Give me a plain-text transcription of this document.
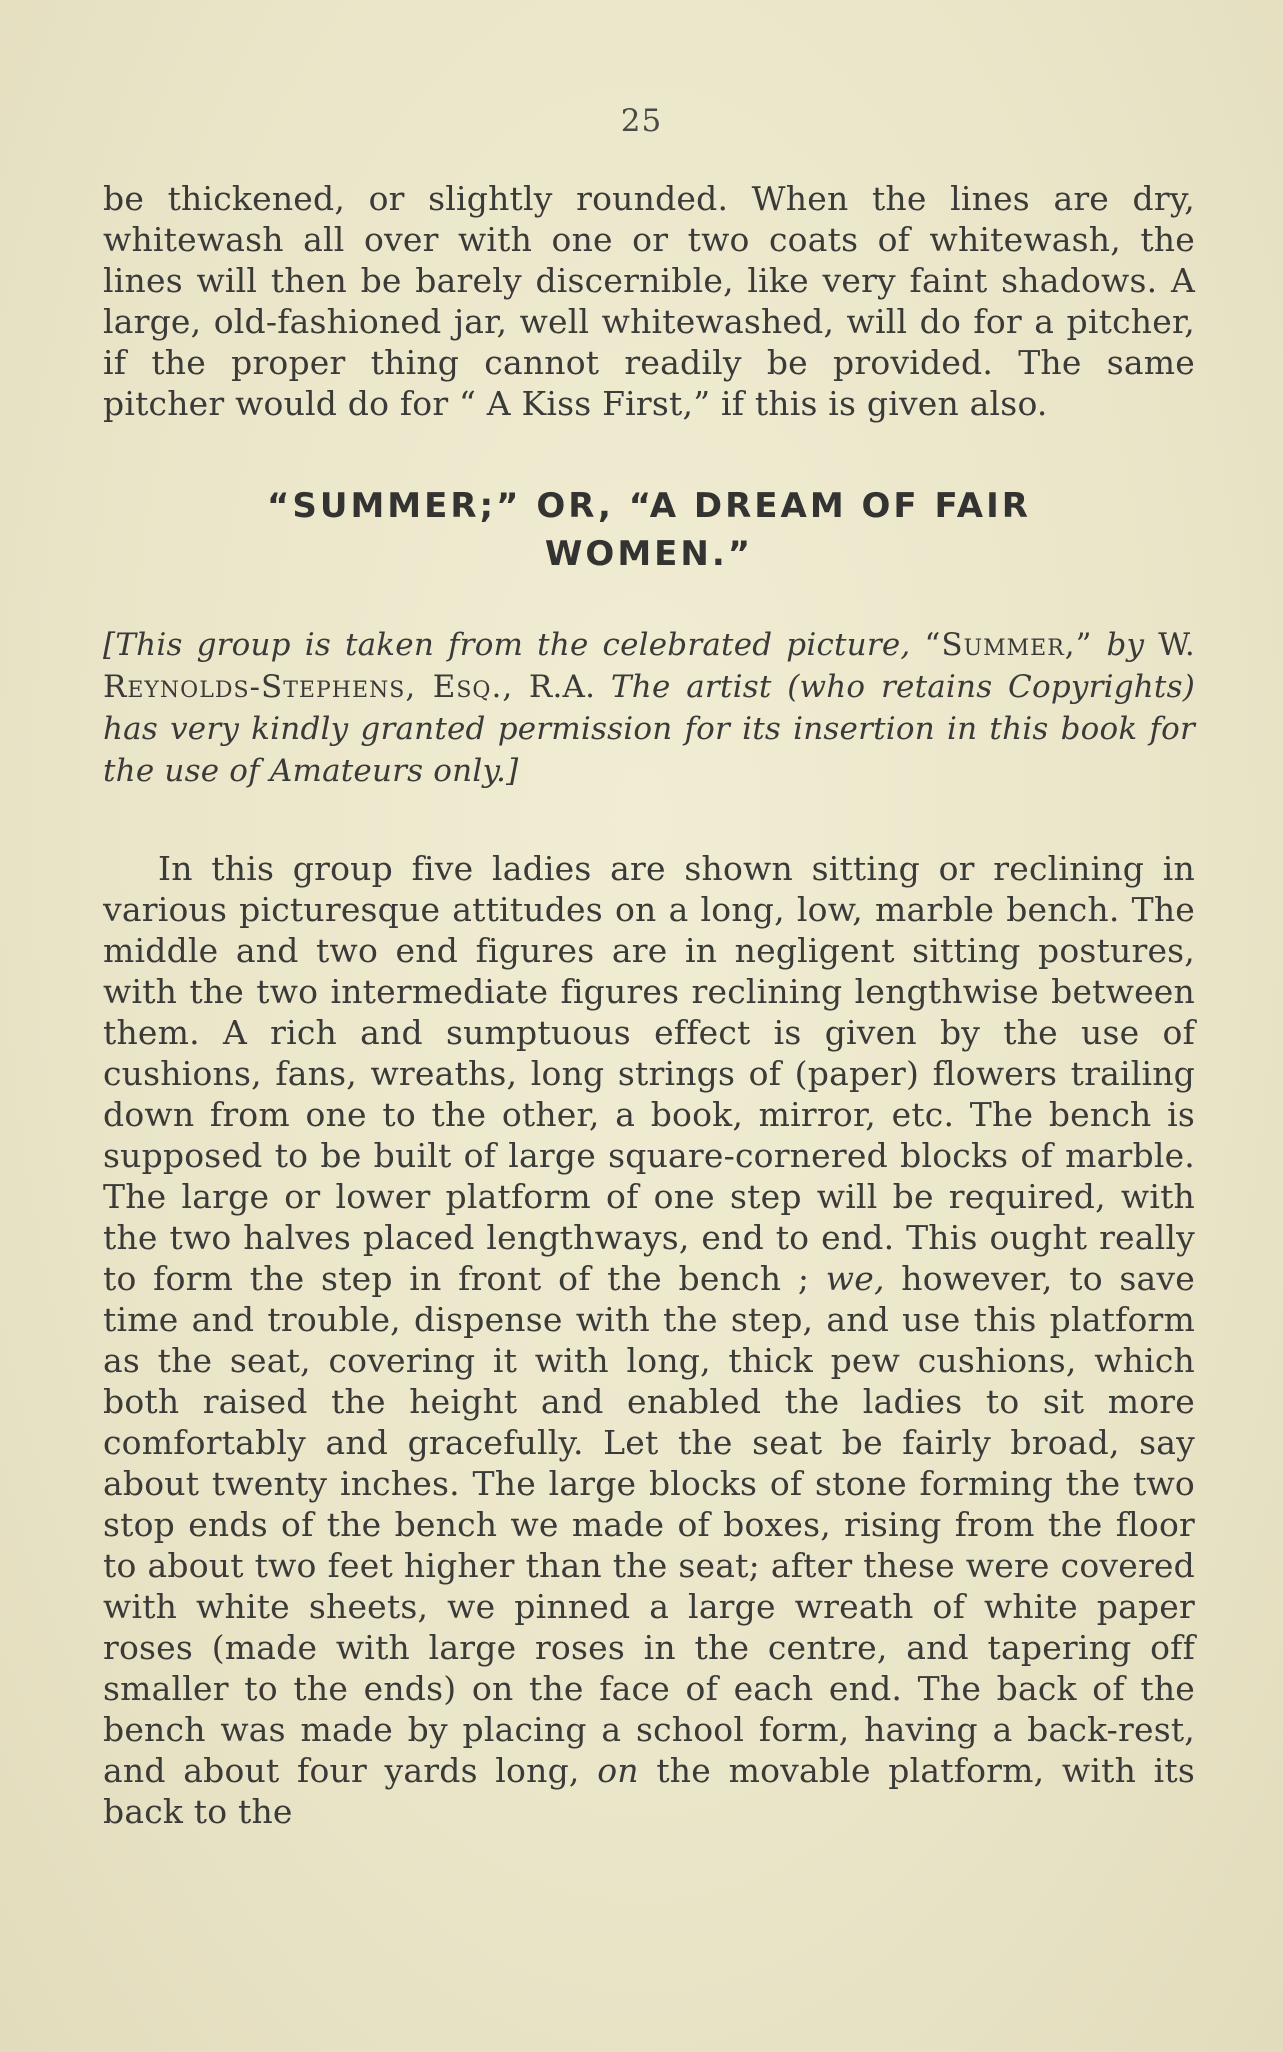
25

be thickened, or slightly rounded. When the lines are dry, whitewash all over with one or two coats of whitewash, the lines will then be barely discernible, like very faint shadows. A large, old-fashioned jar, well whitewashed, will do for a pitcher, if the proper thing cannot readily be provided. The same pitcher would do for “ A Kiss First,” if this is given also.

“SUMMER;” OR, “A DREAM OF FAIR
WOMEN.”

[This group is taken from the celebrated picture, “Summer,” by W. Reynolds-Stephens, Esq., R.A. The artist (who retains Copyrights) has very kindly granted permission for its insertion in this book for the use of Amateurs only.]

In this group five ladies are shown sitting or reclining in various picturesque attitudes on a long, low, marble bench. The middle and two end figures are in negligent sitting postures, with the two intermediate figures reclining lengthwise between them. A rich and sumptuous effect is given by the use of cushions, fans, wreaths, long strings of (paper) flowers trailing down from one to the other, a book, mirror, etc. The bench is supposed to be built of large square-cornered blocks of marble. The large or lower platform of one step will be required, with the two halves placed lengthways, end to end. This ought really to form the step in front of the bench ; we, however, to save time and trouble, dispense with the step, and use this platform as the seat, covering it with long, thick pew cushions, which both raised the height and enabled the ladies to sit more comfortably and gracefully. Let the seat be fairly broad, say about twenty inches. The large blocks of stone forming the two stop ends of the bench we made of boxes, rising from the floor to about two feet higher than the seat; after these were covered with white sheets, we pinned a large wreath of white paper roses (made with large roses in the centre, and tapering off smaller to the ends) on the face of each end. The back of the bench was made by placing a school form, having a back-rest, and about four yards long, on the movable platform, with its back to the
